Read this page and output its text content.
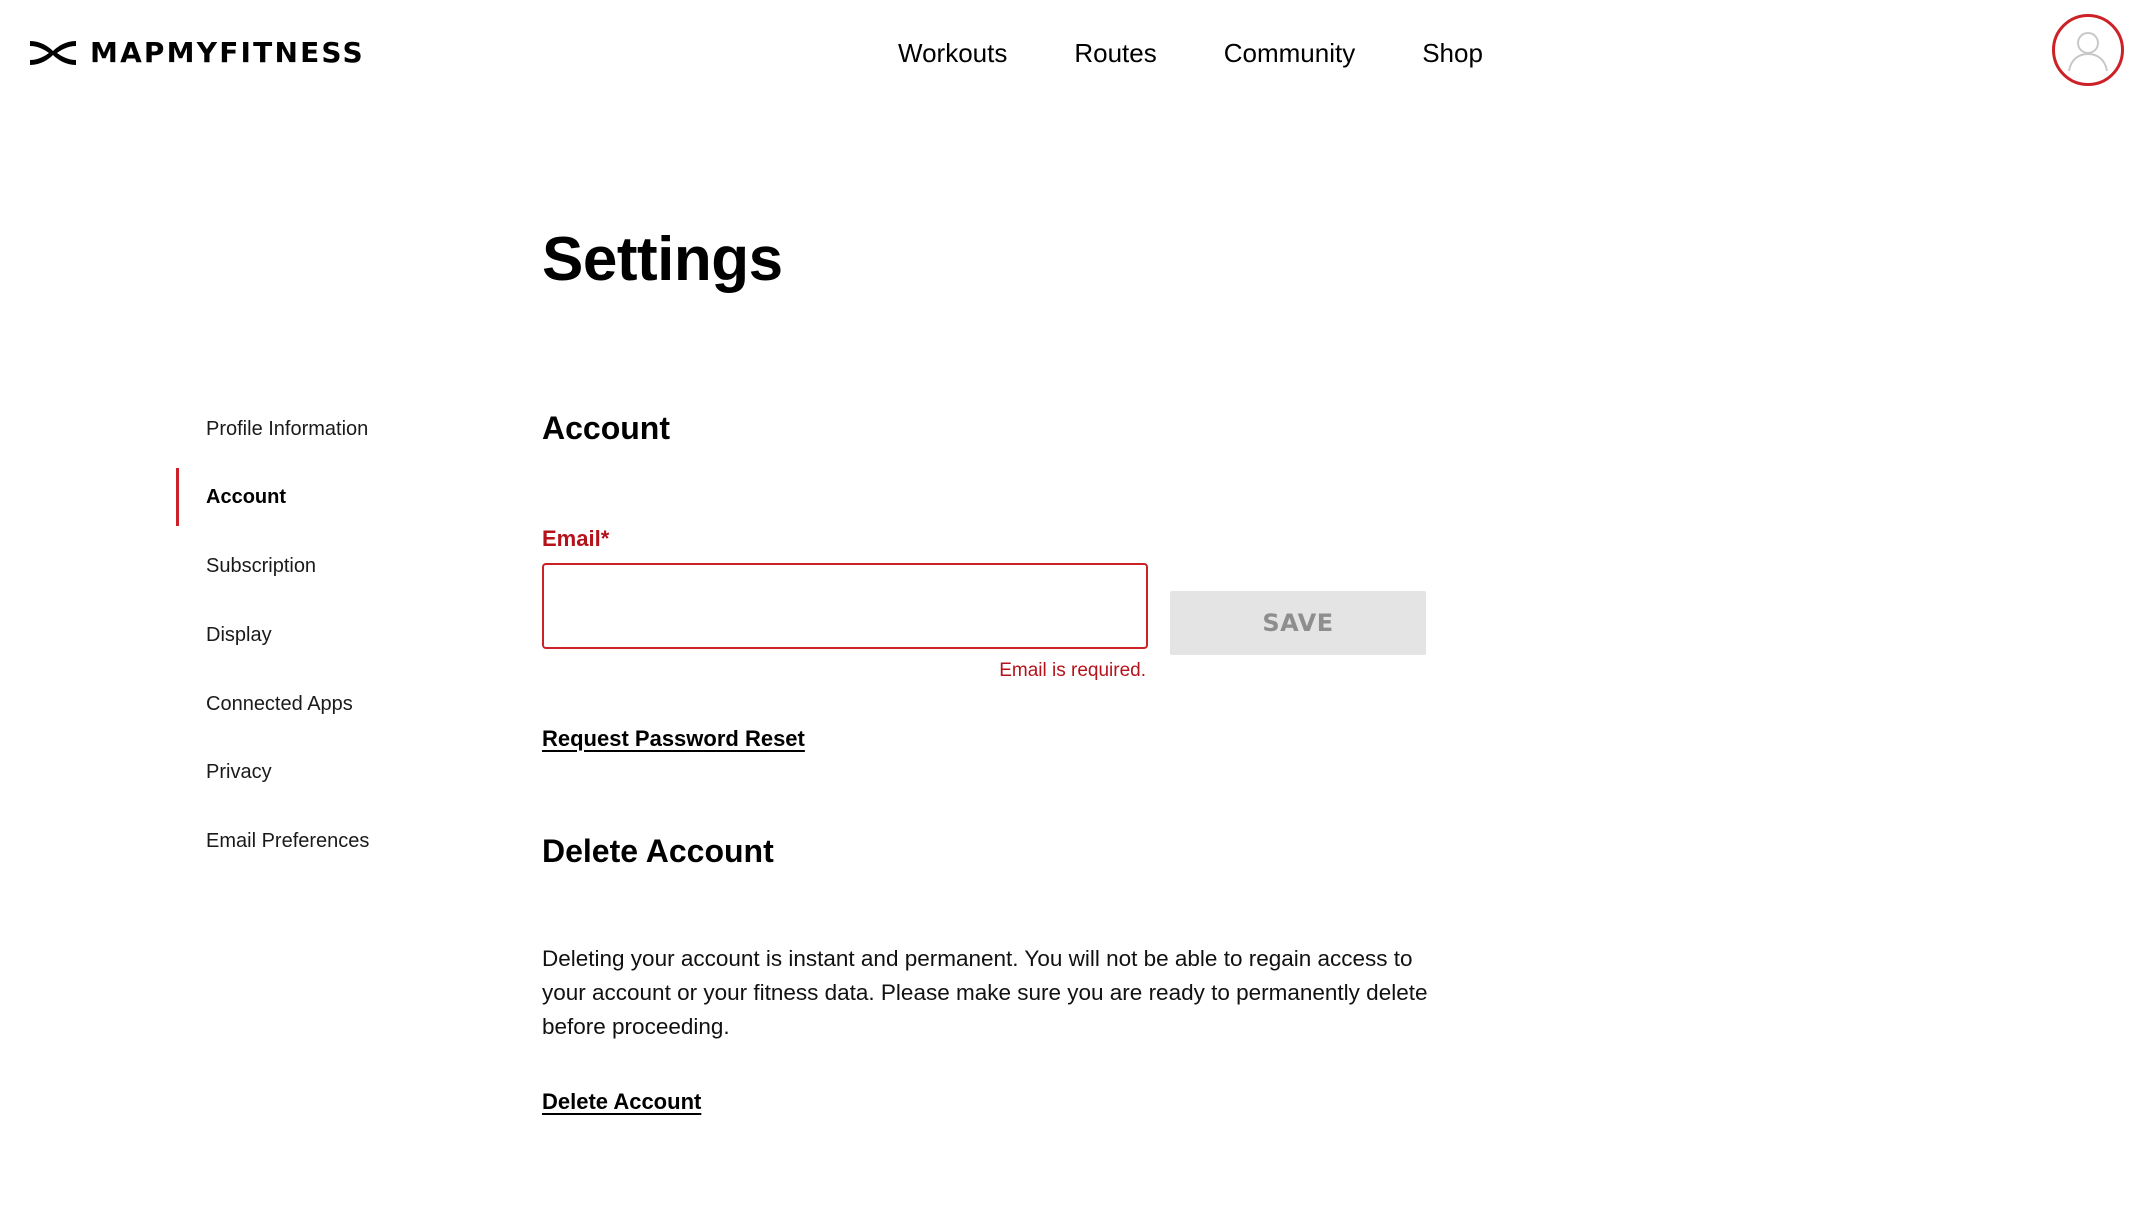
MAPMYFITNESS	Workouts	Routes	Community	Shop
Settings
Profile Information
Account
Subscription
Display
Connected Apps
Privacy
Email Preferences
Account
Email*
Email is required.
SAVE
Request Password Reset
Delete Account

Deleting your account is instant and permanent. You will not be able to regain access to your account or your fitness data. Please make sure you are ready to permanently delete before proceeding.

Delete Account
